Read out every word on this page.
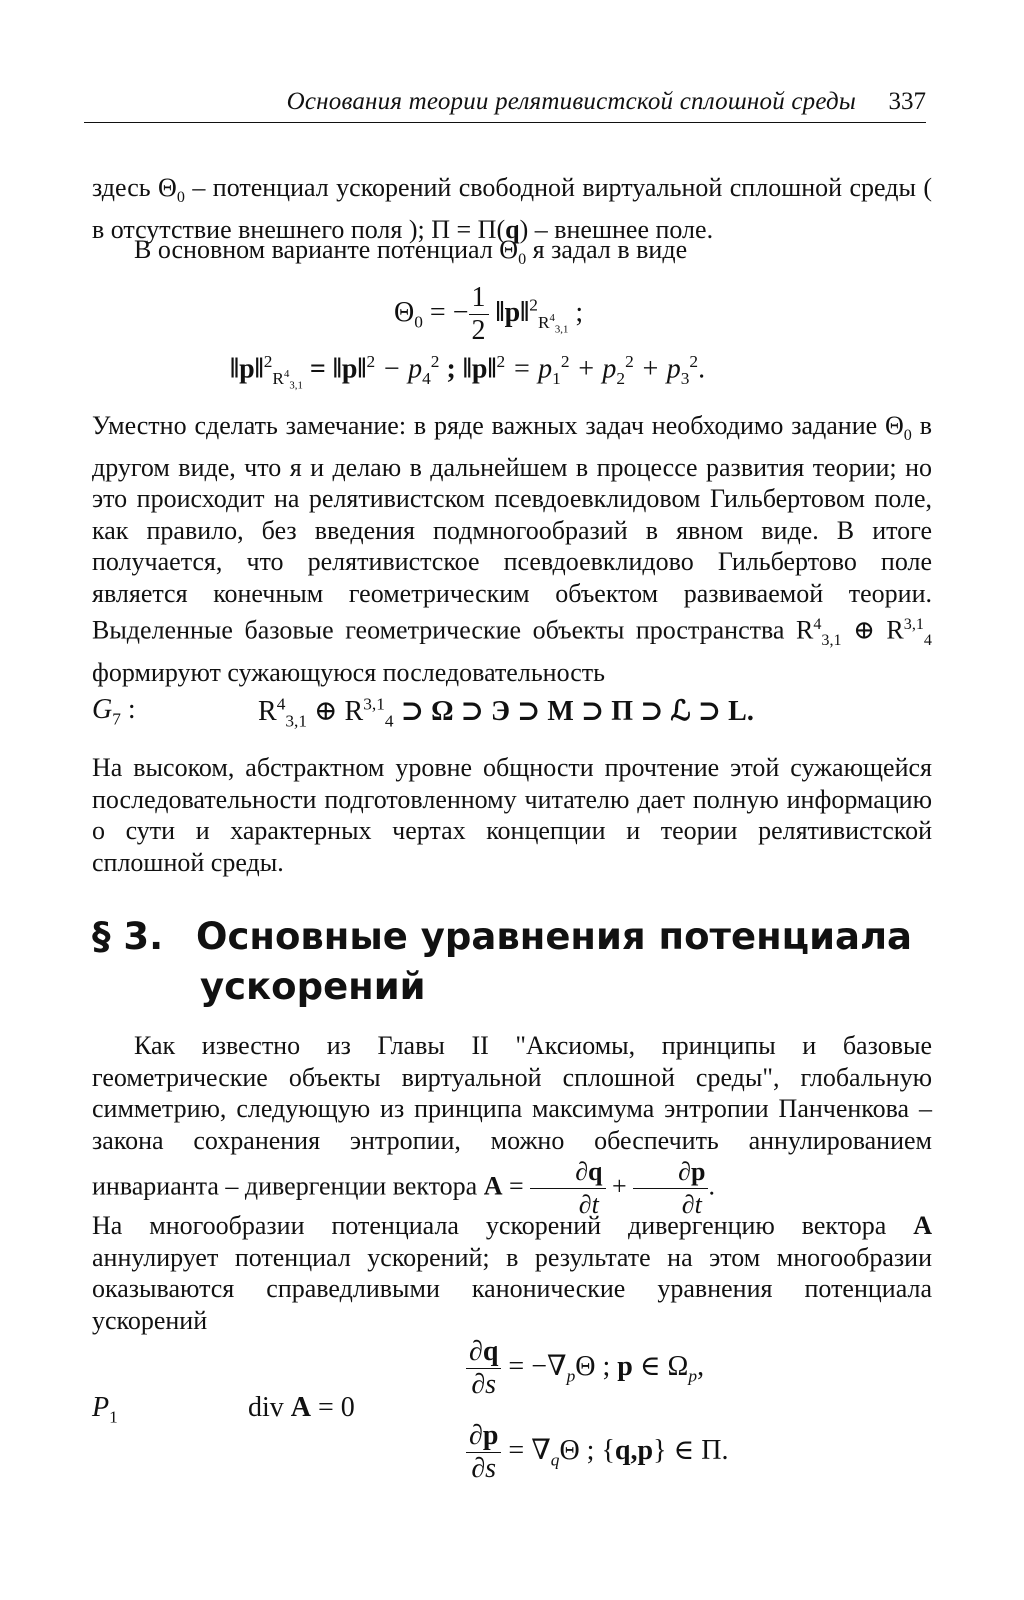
Основания теории релятивистской сплошной среды 337
здесь $\Theta_0$ – потенциал ускорений свободной виртуальной сплошной среды ( в отсутствие внешнего поля ); Π = Π(q) – внешнее поле.
В основном варианте потенциал $\Theta_0$ я задал в виде
$\Theta_0$ = − $\frac{1}{2}$ ‖p‖$^2_{R^4_{3,1}}$ ;
‖p‖$^2_{R^4_{3,1}}$ = ‖p‖$^2$ − $p_4^2$ ; ‖p‖$^2$ = $p_1^2 + p_2^2 + p_3^2$.
Уместно сделать замечание: в ряде важных задач необходимо задание $\Theta_0$ в другом виде, что я и делаю в дальнейшем в процессе развития теории; но это происходит на релятивистском псевдоевклидовом Гильбертовом поле, как правило, без введения подмногообразий в явном виде. В итоге получается, что релятивистское псевдоевклидово Гильбертово поле является конечным геометрическим объектом развиваемой теории. Выделенные базовые геометрические объекты пространства $R^4_{3,1}$ ⊕ R$^{3,1}_4$ формируют сужающуюся последовательность
$G_7$ :	$R^4_{3,1}$ ⊕ R$^{3,1}_4$ ⊃ Ω ⊃ Э ⊃ M ⊃ Π ⊃ ℒ ⊃ L.
На высоком, абстрактном уровне общности прочтение этой сужающейся последовательности подготовленному читателю дает полную информацию о сути и характерных чертах концепции и теории релятивистской сплошной среды.
§ 3. Основные уравнения потенциала
ускорений
Как известно из Главы II "Аксиомы, принципы и базовые геометрические объекты виртуальной сплошной среды", глобальную симметрию, следующую из принципа максимума энтропии Панченкова – закона сохранения энтропии, можно обеспечить аннулированием инварианта – дивергенции вектора $A = \frac{\partial q}{\partial t} + \frac{\partial p}{\partial t}$ .
На многообразии потенциала ускорений дивергенцию вектора A аннулирует потенциал ускорений; в результате на этом многообразии оказываются справедливыми канонические уравнения потенциала ускорений
$P_1$	div A = 0
$\frac{\partial q}{\partial s} = -\nabla_p\Theta$ ; p ∈ $\Omega_p$,
$\frac{\partial p}{\partial s} = \nabla_q\Theta$ ; {q,p} ∈ Π.
